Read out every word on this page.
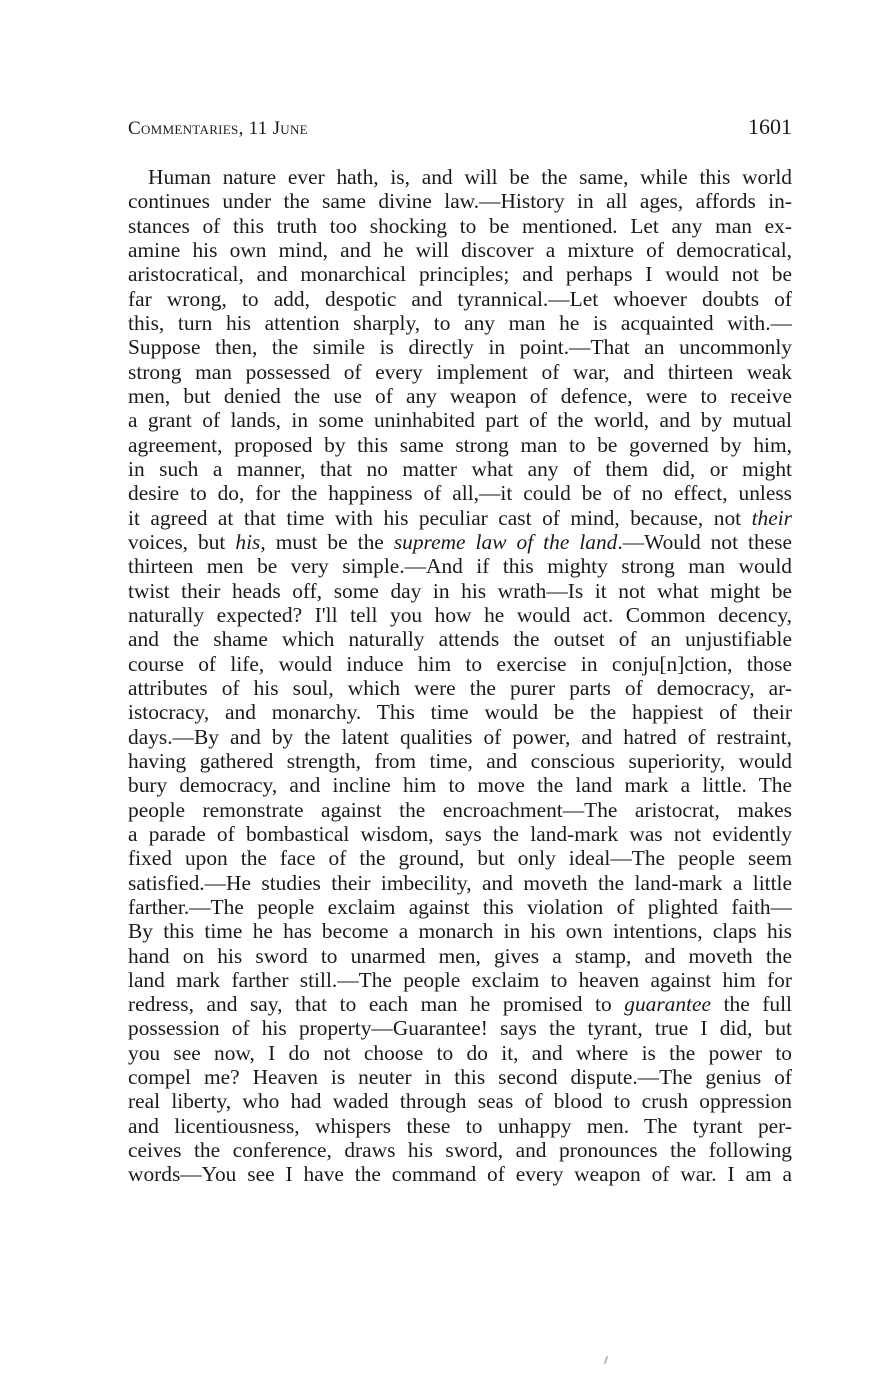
Commentaries, 11 June	1601
Human nature ever hath, is, and will be the same, while this world
continues under the same divine law.—History in all ages, affords in-
stances of this truth too shocking to be mentioned. Let any man ex-
amine his own mind, and he will discover a mixture of democratical,
aristocratical, and monarchical principles; and perhaps I would not be
far wrong, to add, despotic and tyrannical.—Let whoever doubts of
this, turn his attention sharply, to any man he is acquainted with.—
Suppose then, the simile is directly in point.—That an uncommonly
strong man possessed of every implement of war, and thirteen weak
men, but denied the use of any weapon of defence, were to receive
a grant of lands, in some uninhabited part of the world, and by mutual
agreement, proposed by this same strong man to be governed by him,
in such a manner, that no matter what any of them did, or might
desire to do, for the happiness of all,—it could be of no effect, unless
it agreed at that time with his peculiar cast of mind, because, not their
voices, but his, must be the supreme law of the land.—Would not these
thirteen men be very simple.—And if this mighty strong man would
twist their heads off, some day in his wrath—Is it not what might be
naturally expected? I'll tell you how he would act. Common decency,
and the shame which naturally attends the outset of an unjustifiable
course of life, would induce him to exercise in conju[n]ction, those
attributes of his soul, which were the purer parts of democracy, ar-
istocracy, and monarchy. This time would be the happiest of their
days.—By and by the latent qualities of power, and hatred of restraint,
having gathered strength, from time, and conscious superiority, would
bury democracy, and incline him to move the land mark a little. The
people remonstrate against the encroachment—The aristocrat, makes
a parade of bombastical wisdom, says the land-mark was not evidently
fixed upon the face of the ground, but only ideal—The people seem
satisfied.—He studies their imbecility, and moveth the land-mark a little
farther.—The people exclaim against this violation of plighted faith—
By this time he has become a monarch in his own intentions, claps his
hand on his sword to unarmed men, gives a stamp, and moveth the
land mark farther still.—The people exclaim to heaven against him for
redress, and say, that to each man he promised to guarantee the full
possession of his property—Guarantee! says the tyrant, true I did, but
you see now, I do not choose to do it, and where is the power to
compel me? Heaven is neuter in this second dispute.—The genius of
real liberty, who had waded through seas of blood to crush oppression
and licentiousness, whispers these to unhappy men. The tyrant per-
ceives the conference, draws his sword, and pronounces the following
words—You see I have the command of every weapon of war. I am a
